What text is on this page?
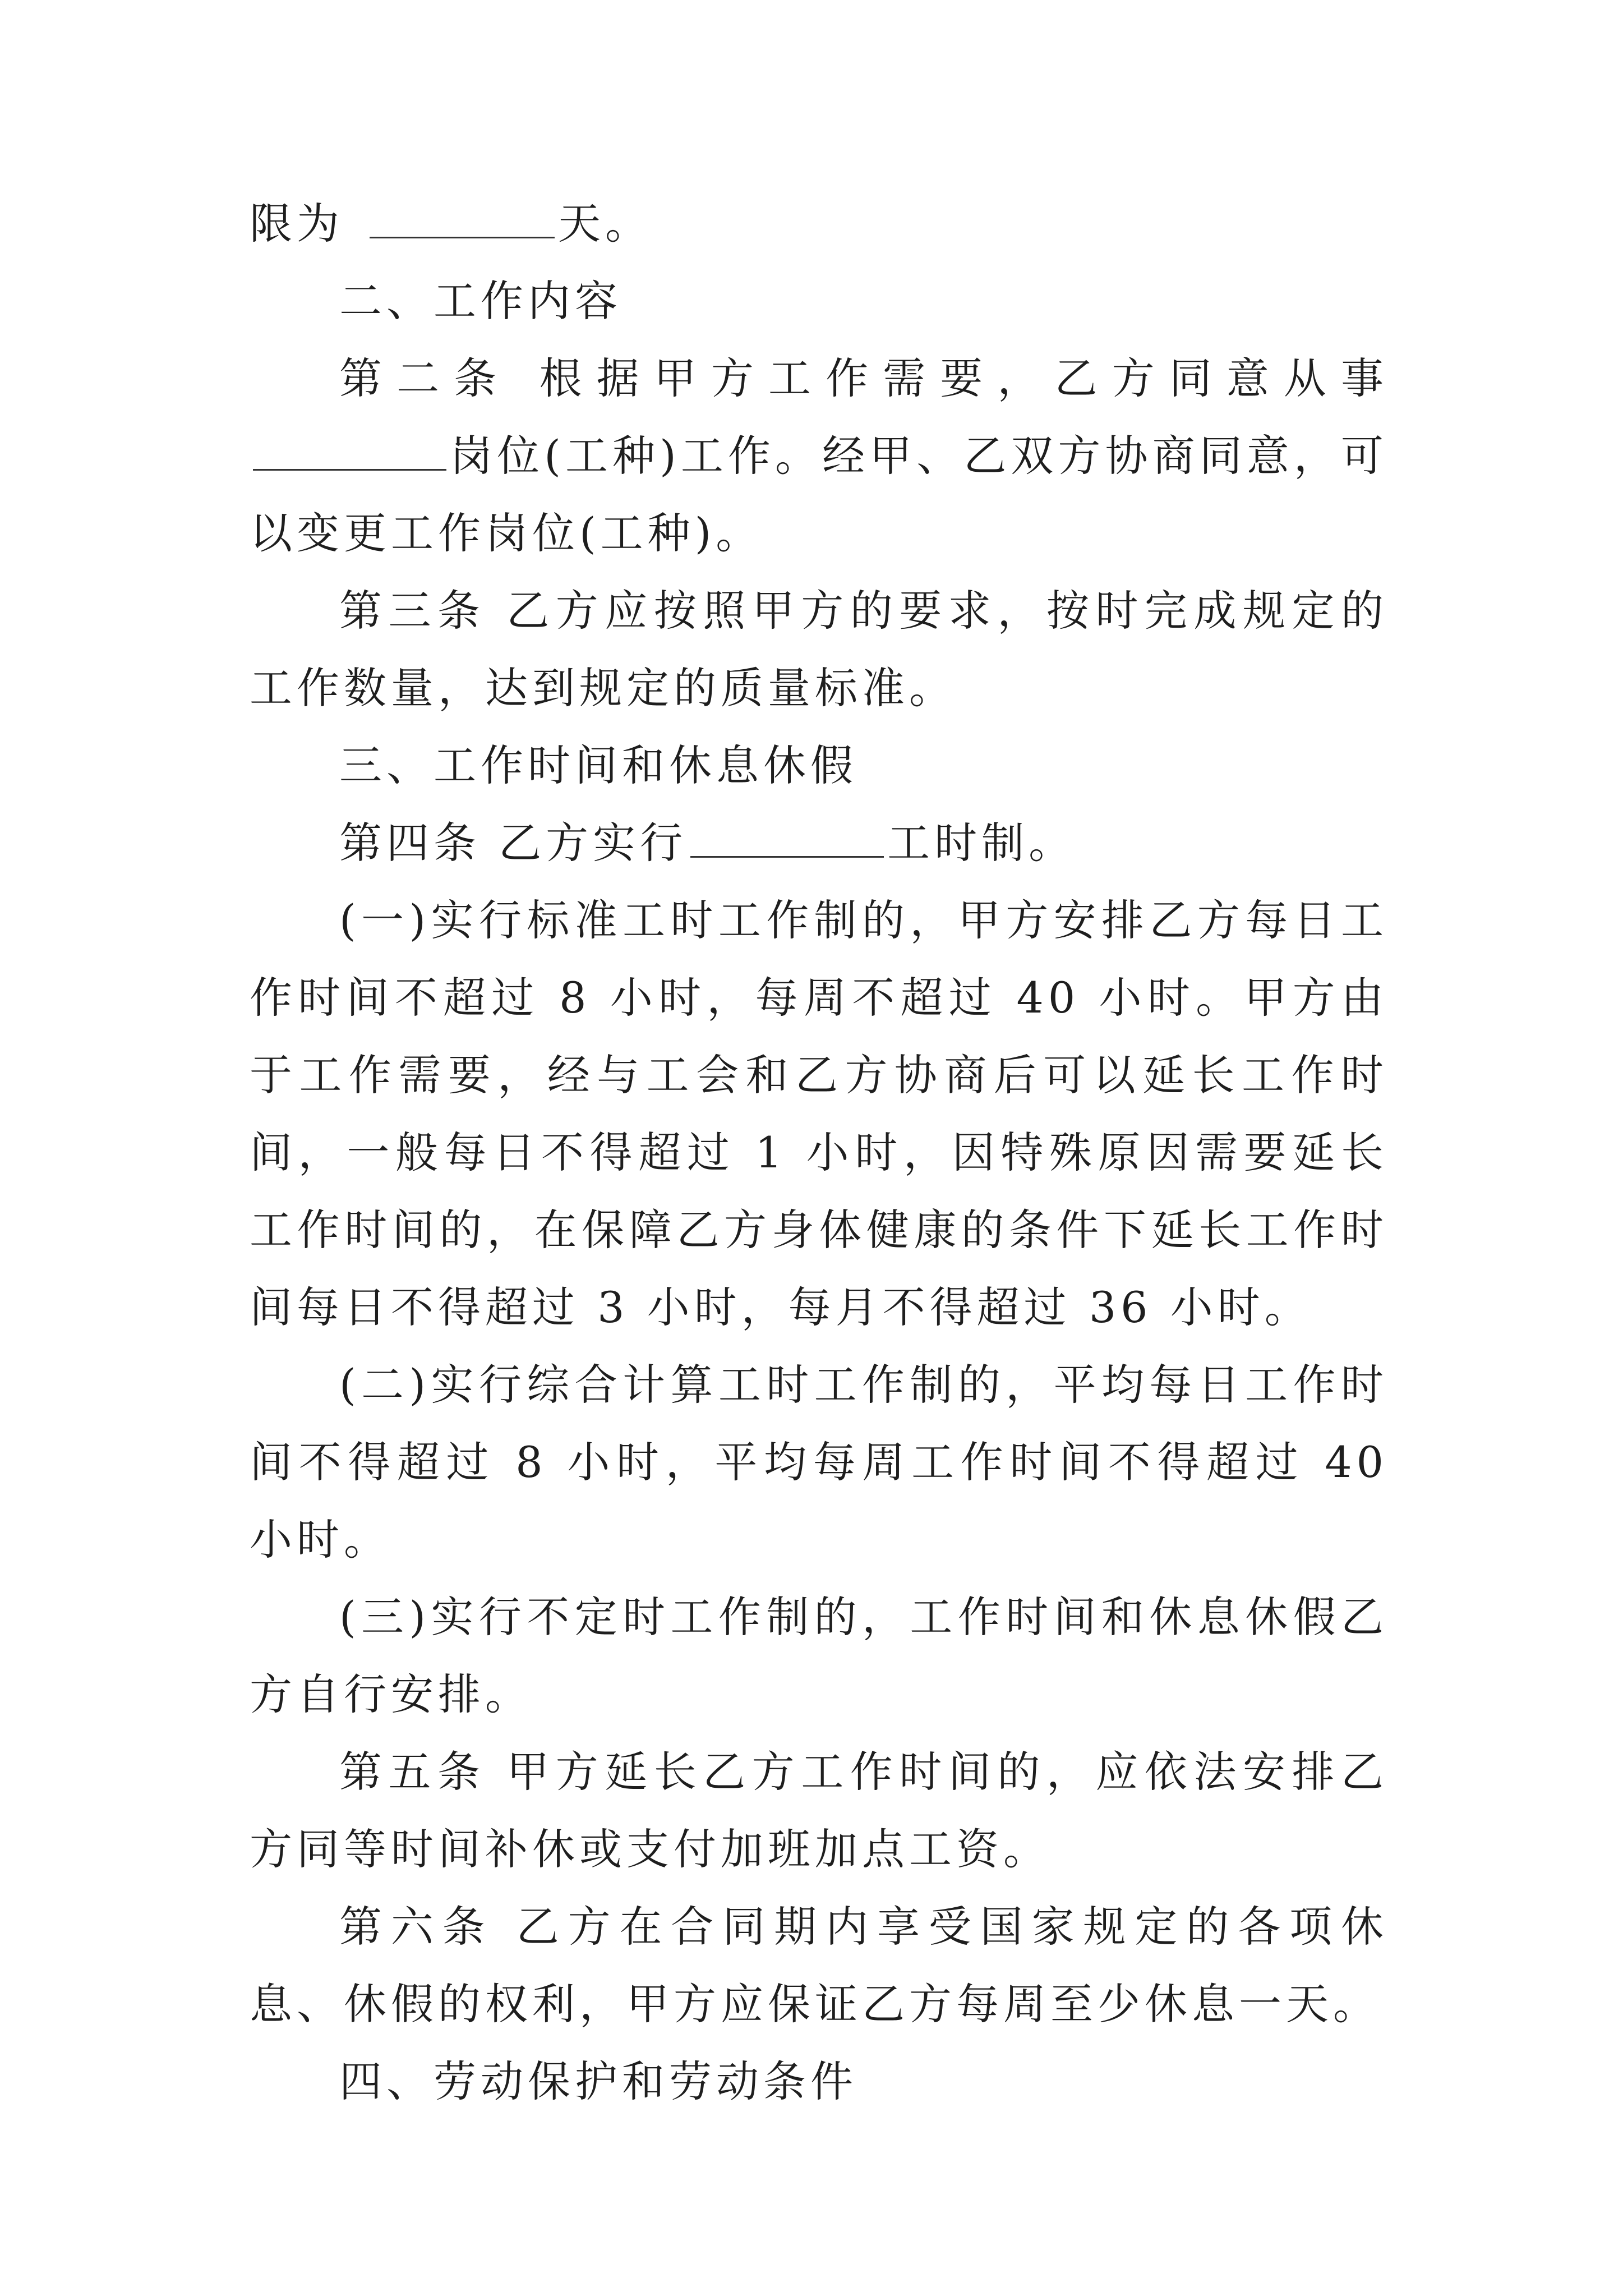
限为	天。

二、工作内容

第二条 根据甲方工作需要，乙方同意从事岗位(工种)工作。经甲、乙双方协商同意，可以变更工作岗位(工种)。

第三条 乙方应按照甲方的要求，按时完成规定的工作数量，达到规定的质量标准。

三、工作时间和休息休假

第四条 乙方实行	工时制。

(一)实行标准工时工作制的，甲方安排乙方每日工作时间不超过 8 小时，每周不超过 40 小时。甲方由于工作需要，经与工会和乙方协商后可以延长工作时间，一般每日不得超过 1 小时，因特殊原因需要延长工作时间的，在保障乙方身体健康的条件下延长工作时间每日不得超过 3 小时，每月不得超过 36 小时。

(二)实行综合计算工时工作制的，平均每日工作时间不得超过 8 小时，平均每周工作时间不得超过 40 小时。

(三)实行不定时工作制的，工作时间和休息休假乙方自行安排。

第五条 甲方延长乙方工作时间的，应依法安排乙方同等时间补休或支付加班加点工资。

第六条 乙方在合同期内享受国家规定的各项休息、休假的权利，甲方应保证乙方每周至少休息一天。

四、劳动保护和劳动条件
